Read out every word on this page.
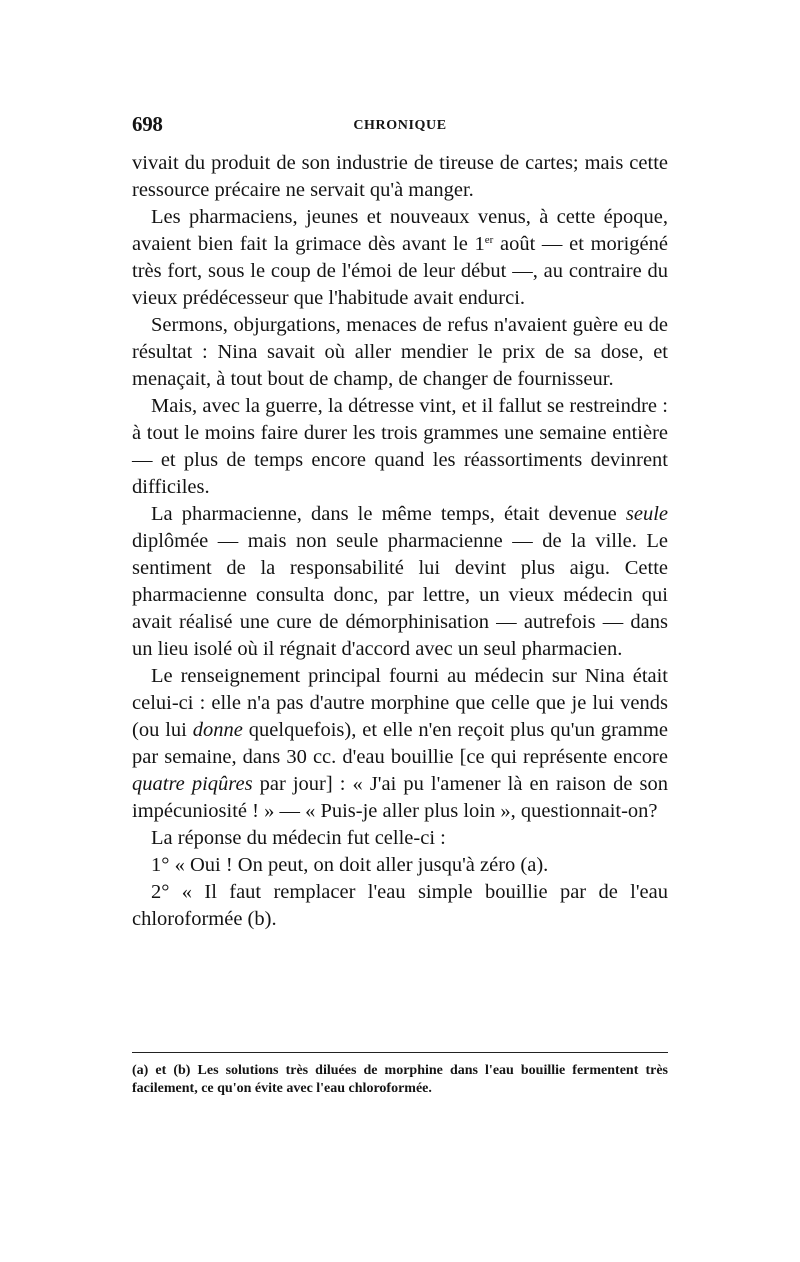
698	CHRONIQUE

vivait du produit de son industrie de tireuse de cartes; mais cette ressource précaire ne servait qu'à manger.

Les pharmaciens, jeunes et nouveaux venus, à cette époque, avaient bien fait la grimace dès avant le 1er août — et morigéné très fort, sous le coup de l'émoi de leur début —, au contraire du vieux prédécesseur que l'habitude avait endurci.

Sermons, objurgations, menaces de refus n'avaient guère eu de résultat : Nina savait où aller mendier le prix de sa dose, et menaçait, à tout bout de champ, de changer de fournisseur.

Mais, avec la guerre, la détresse vint, et il fallut se restreindre : à tout le moins faire durer les trois grammes une semaine entière — et plus de temps encore quand les réassortiments devinrent difficiles.

La pharmacienne, dans le même temps, était devenue seule diplômée — mais non seule pharmacienne — de la ville. Le sentiment de la responsabilité lui devint plus aigu. Cette pharmacienne consulta donc, par lettre, un vieux médecin qui avait réalisé une cure de démorphinisation — autrefois — dans un lieu isolé où il régnait d'accord avec un seul pharmacien.

Le renseignement principal fourni au médecin sur Nina était celui-ci : elle n'a pas d'autre morphine que celle que je lui vends (ou lui donne quelquefois), et elle n'en reçoit plus qu'un gramme par semaine, dans 30 cc. d'eau bouillie [ce qui représente encore quatre piqûres par jour] : « J'ai pu l'amener là en raison de son impécuniosité ! » — « Puis-je aller plus loin », questionnait-on?

La réponse du médecin fut celle-ci :

1° « Oui ! On peut, on doit aller jusqu'à zéro (a).

2° « Il faut remplacer l'eau simple bouillie par de l'eau chloroformée (b).

(a) et (b) Les solutions très diluées de morphine dans l'eau bouillie fermentent très facilement, ce qu'on évite avec l'eau chloroformée.
